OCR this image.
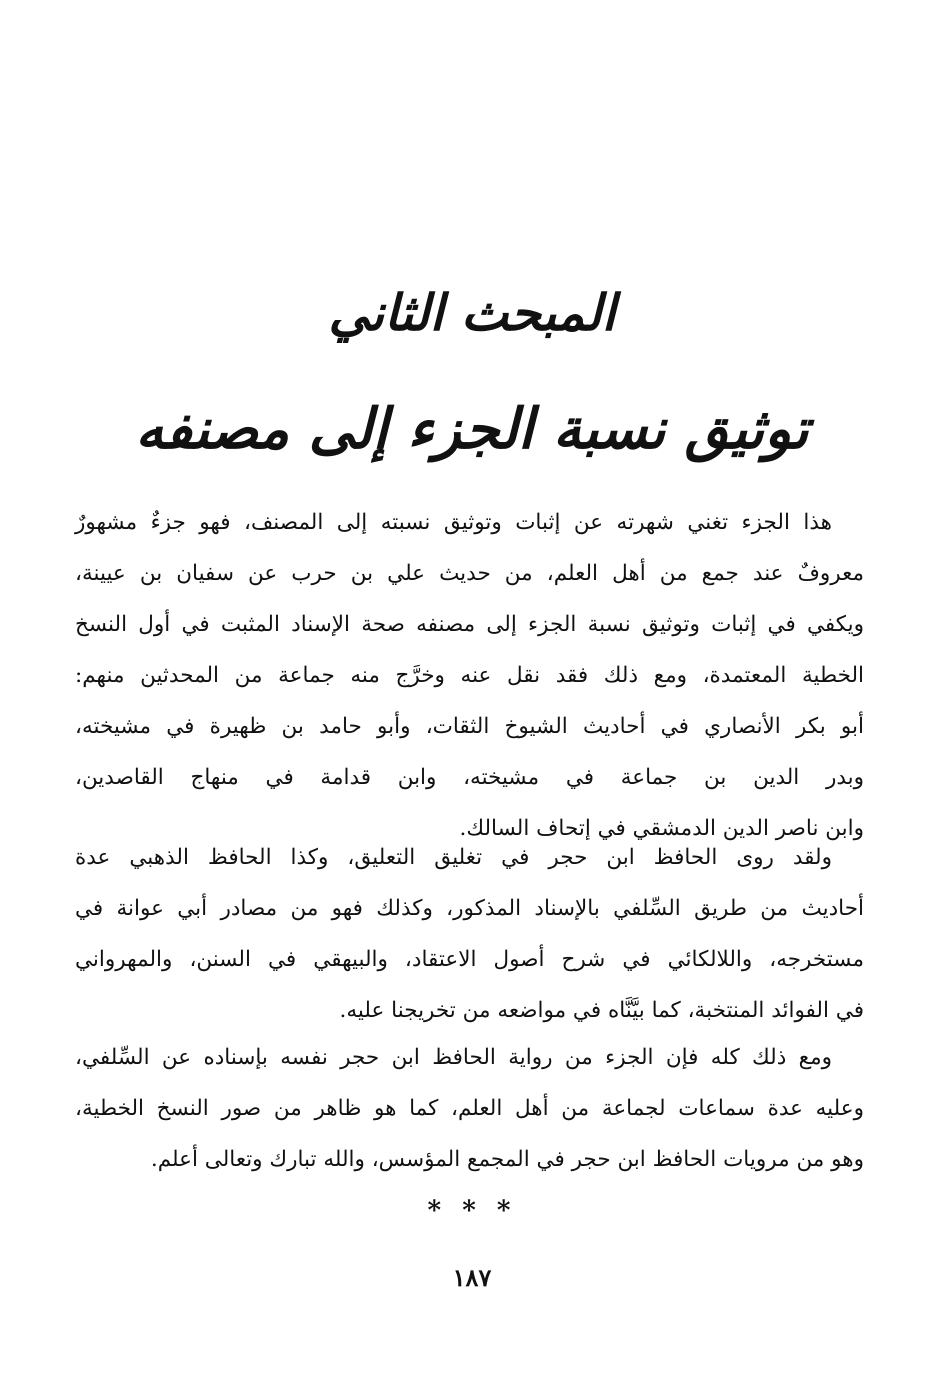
المبحث الثاني
توثيق نسبة الجزء إلى مصنفه
هذا الجزء تغني شهرته عن إثبات وتوثيق نسبته إلى المصنف، فهو جزءٌ مشهورٌ
معروفٌ عند جمع من أهل العلم، من حديث علي بن حرب عن سفيان بن عيينة،
ويكفي في إثبات وتوثيق نسبة الجزء إلى مصنفه صحة الإسناد المثبت في أول النسخ
الخطية المعتمدة، ومع ذلك فقد نقل عنه وخرَّج منه جماعة من المحدثين منهم:
أبو بكر الأنصاري في أحاديث الشيوخ الثقات، وأبو حامد بن ظهيرة في مشيخته،
وبدر الدين بن جماعة في مشيخته، وابن قدامة في منهاج القاصدين،
وابن ناصر الدين الدمشقي في إتحاف السالك.
ولقد روى الحافظ ابن حجر في تغليق التعليق، وكذا الحافظ الذهبي عدة
أحاديث من طريق السِّلفي بالإسناد المذكور، وكذلك فهو من مصادر أبي عوانة في
مستخرجه، واللالكائي في شرح أصول الاعتقاد، والبيهقي في السنن، والمهرواني
في الفوائد المنتخبة، كما بيَّنَّاه في مواضعه من تخريجنا عليه.
ومع ذلك كله فإن الجزء من رواية الحافظ ابن حجر نفسه بإسناده عن السِّلفي،
وعليه عدة سماعات لجماعة من أهل العلم، كما هو ظاهر من صور النسخ الخطية،
وهو من مرويات الحافظ ابن حجر في المجمع المؤسس، والله تبارك وتعالى أعلم.
* * *
١٨٧
